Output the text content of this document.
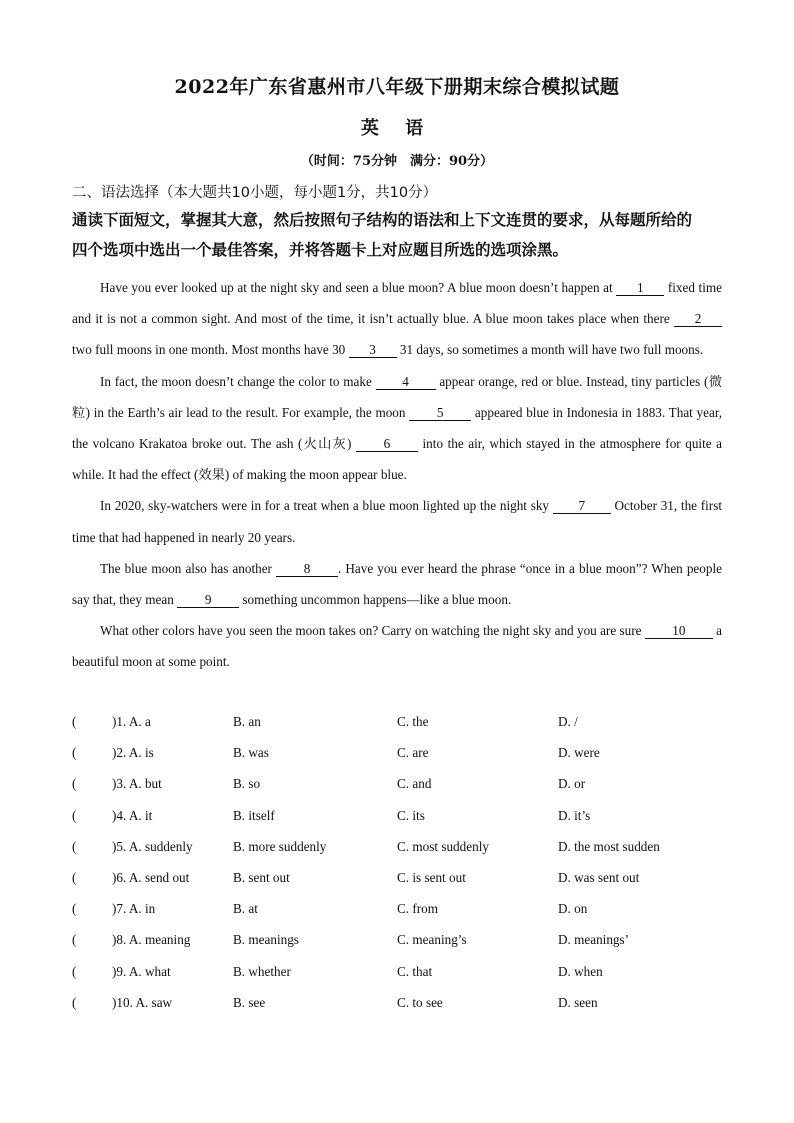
2022年广东省惠州市八年级下册期末综合模拟试题
英 语
（时间：75分钟　满分：90分）
二、语法选择（本大题共10小题，每小题1分，共10分）
通读下面短文，掌握其大意，然后按照句子结构的语法和上下文连贯的要求，从每题所给的
四个选项中选出一个最佳答案，并将答题卡上对应题目所选的选项涂黑。

Have you ever looked up at the night sky and seen a blue moon? A blue moon doesn’t happen at 1 fixed time and it is not a common sight. And most of the time, it isn’t actually blue. A blue moon takes place when there 2 two full moons in one month. Most months have 30 3 31 days, so sometimes a month will have two full moons.

In fact, the moon doesn’t change the color to make 4 appear orange, red or blue. Instead, tiny particles (微粒) in the Earth’s air lead to the result. For example, the moon 5 appeared blue in Indonesia in 1883. That year, the volcano Krakatoa broke out. The ash (火山灰) 6 into the air, which stayed in the atmosphere for quite a while. It had the effect (效果) of making the moon appear blue.

In 2020, sky-watchers were in for a treat when a blue moon lighted up the night sky 7 October 31, the first time that had happened in nearly 20 years.

The blue moon also has another 8 . Have you ever heard the phrase “once in a blue moon”? When people say that, they mean 9 something uncommon happens—like a blue moon.

What other colors have you seen the moon takes on? Carry on watching the night sky and you are sure 10 a beautiful moon at some point.

(	)1. A. a	B. an	C. the	D. /
(	)2. A. is	B. was	C. are	D. were
(	)3. A. but	B. so	C. and	D. or
(	)4. A. it	B. itself	C. its	D. it’s
(	)5. A. suddenly	B. more suddenly	C. most suddenly	D. the most sudden
(	)6. A. send out	B. sent out	C. is sent out	D. was sent out
(	)7. A. in	B. at	C. from	D. on
(	)8. A. meaning	B. meanings	C. meaning’s	D. meanings’
(	)9. A. what	B. whether	C. that	D. when
(	)10. A. saw	B. see	C. to see	D. seen
